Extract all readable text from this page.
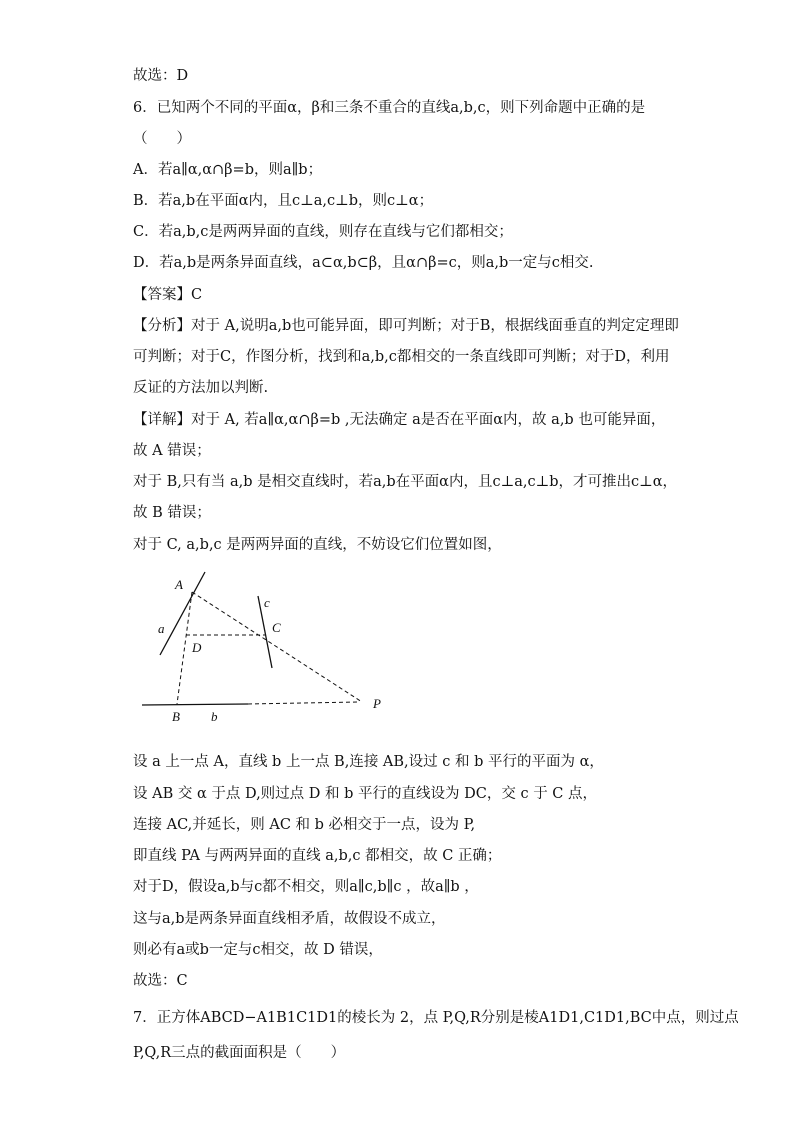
故选：D
6．已知两个不同的平面α，β和三条不重合的直线a,b,c，则下列命题中正确的是
（　　）
A．若a∥α,α∩β=b，则a∥b；
B．若a,b在平面α内，且c⊥a,c⊥b，则c⊥α；
C．若a,b,c是两两异面的直线，则存在直线与它们都相交；
D．若a,b是两条异面直线，a⊂α,b⊂β，且α∩β=c，则a,b一定与c相交.
【答案】C
【分析】对于 A,说明a,b也可能异面，即可判断；对于B，根据线面垂直的判定定理即
可判断；对于C，作图分析，找到和a,b,c都相交的一条直线即可判断；对于D，利用
反证的方法加以判断.
【详解】对于 A, 若a∥α,α∩β=b ,无法确定 a是否在平面α内，故 a,b 也可能异面，
故 A 错误；
对于 B,只有当 a,b 是相交直线时，若a,b在平面α内，且c⊥a,c⊥b，才可推出c⊥α，
故 B 错误；
对于 C, a,b,c 是两两异面的直线，不妨设它们位置如图，
A
a
D
c
C
B b
P
设 a 上一点 A，直线 b 上一点 B,连接 AB,设过 c 和 b 平行的平面为 α，
设 AB 交 α 于点 D,则过点 D 和 b 平行的直线设为 DC，交 c 于 C 点，
连接 AC,并延长，则 AC 和 b 必相交于一点，设为 P,
即直线 PA 与两两异面的直线 a,b,c 都相交，故 C 正确；
对于D，假设a,b与c都不相交，则a∥c,b∥c ，故a∥b ，
这与a,b是两条异面直线相矛盾，故假设不成立，
则必有a或b一定与c相交，故 D 错误，
故选：C
7．正方体ABCD−A1B1C1D1的棱长为 2，点 P,Q,R分别是棱A1D1,C1D1,BC中点，则过点
P,Q,R三点的截面面积是（　　）
